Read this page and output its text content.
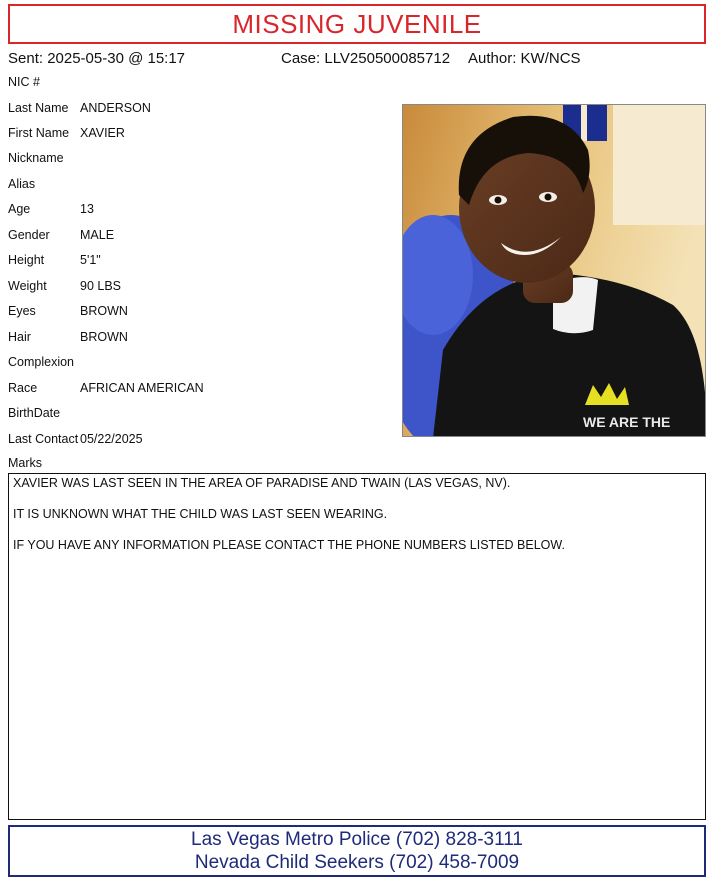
MISSING JUVENILE
Sent: 2025-05-30 @ 15:17	Case: LLV250500085712 Author: KW/NCS
NIC #
Last Name ANDERSON
First Name XAVIER
Nickname
Alias
Age	13
Gender MALE
Height	5'1"
Weight	90 LBS
Eyes	BROWN
Hair	BROWN
Complexion
Race	AFRICAN AMERICAN
BirthDate
Last Contact 05/22/2025
WE ARE THE
Marks

XAVIER WAS LAST SEEN IN THE AREA OF PARADISE AND TWAIN (LAS VEGAS, NV).

IT IS UNKNOWN WHAT THE CHILD WAS LAST SEEN WEARING.

IF YOU HAVE ANY INFORMATION PLEASE CONTACT THE PHONE NUMBERS LISTED BELOW.

Las Vegas Metro Police (702) 828-3111
Nevada Child Seekers (702) 458-7009
